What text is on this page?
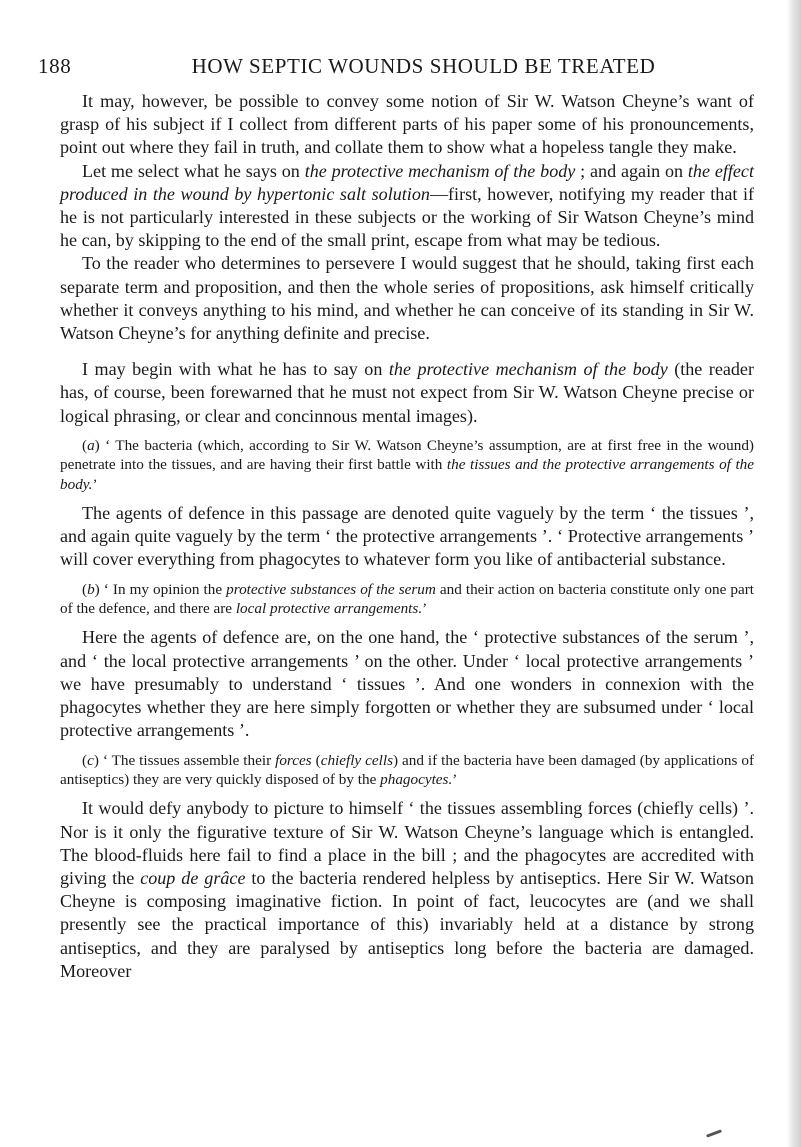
188	HOW SEPTIC WOUNDS SHOULD BE TREATED

It may, however, be possible to convey some notion of Sir W. Watson Cheyne’s want of grasp of his subject if I collect from different parts of his paper some of his pronouncements, point out where they fail in truth, and collate them to show what a hopeless tangle they make.

Let me select what he says on the protective mechanism of the body ; and again on the effect produced in the wound by hypertonic salt solution—first, however, notifying my reader that if he is not particularly interested in these subjects or the working of Sir Watson Cheyne’s mind he can, by skipping to the end of the small print, escape from what may be tedious.

To the reader who determines to persevere I would suggest that he should, taking first each separate term and proposition, and then the whole series of propositions, ask himself critically whether it conveys anything to his mind, and whether he can conceive of its standing in Sir W. Watson Cheyne’s for anything definite and precise.

I may begin with what he has to say on the protective mechanism of the body (the reader has, of course, been forewarned that he must not expect from Sir W. Watson Cheyne precise or logical phrasing, or clear and concinnous mental images).

(a) ‘ The bacteria (which, according to Sir W. Watson Cheyne’s assumption, are at first free in the wound) penetrate into the tissues, and are having their first battle with the tissues and the protective arrangements of the body.’

The agents of defence in this passage are denoted quite vaguely by the term ‘ the tissues ’, and again quite vaguely by the term ‘ the protective arrangements ’. ‘ Protective arrangements ’ will cover everything from phagocytes to whatever form you like of antibacterial substance.

(b) ‘ In my opinion the protective substances of the serum and their action on bacteria constitute only one part of the defence, and there are local protective arrangements.’

Here the agents of defence are, on the one hand, the ‘ protective substances of the serum ’, and ‘ the local protective arrangements ’ on the other. Under ‘ local protective arrangements ’ we have presumably to understand ‘ tissues ’. And one wonders in connexion with the phagocytes whether they are here simply forgotten or whether they are subsumed under ‘ local protective arrangements ’.

(c) ‘ The tissues assemble their forces (chiefly cells) and if the bacteria have been damaged (by applications of antiseptics) they are very quickly disposed of by the phagocytes.’

It would defy anybody to picture to himself ‘ the tissues assembling forces (chiefly cells) ’. Nor is it only the figurative texture of Sir W. Watson Cheyne’s language which is entangled. The blood-fluids here fail to find a place in the bill ; and the phagocytes are accredited with giving the coup de grâce to the bacteria rendered helpless by antiseptics. Here Sir W. Watson Cheyne is composing imaginative fiction. In point of fact, leucocytes are (and we shall presently see the practical importance of this) invariably held at a distance by strong antiseptics, and they are paralysed by antiseptics long before the bacteria are damaged. Moreover
